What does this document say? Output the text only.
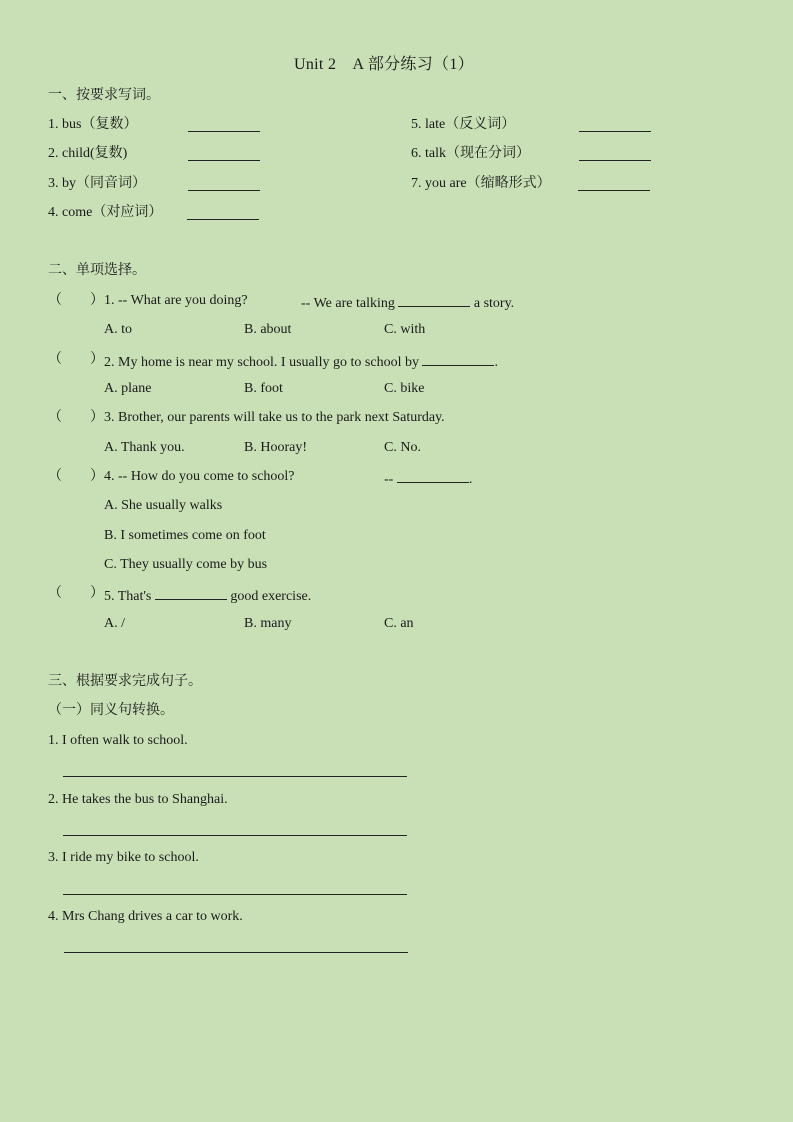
Unit 2　A 部分练习（1）
一、按要求写词。
1. bus（复数）
2. child(复数)
3. by（同音词）
4. come（对应词）
5. late（反义词）
6. talk（现在分词）
7. you are（缩略形式）
二、单项选择。
（　　） 1. -- What are you doing?	-- We are talking	a story.
A. to	B. about	C. with
（　　） 2. My home is near my school. I usually go to school by	.
A. plane	B. foot	C. bike
（　　） 3. Brother, our parents will take us to the park next Saturday.
A. Thank you.	B. Hooray!	C. No.
（　　） 4. -- How do you come to school?	--	.
A. She usually walks
B. I sometimes come on foot
C. They usually come by bus
（　　） 5. That's	good exercise.
A. /	B. many	C. an
三、根据要求完成句子。
（一）同义句转换。
1. I often walk to school.
2. He takes the bus to Shanghai.
3. I ride my bike to school.
4. Mrs Chang drives a car to work.
